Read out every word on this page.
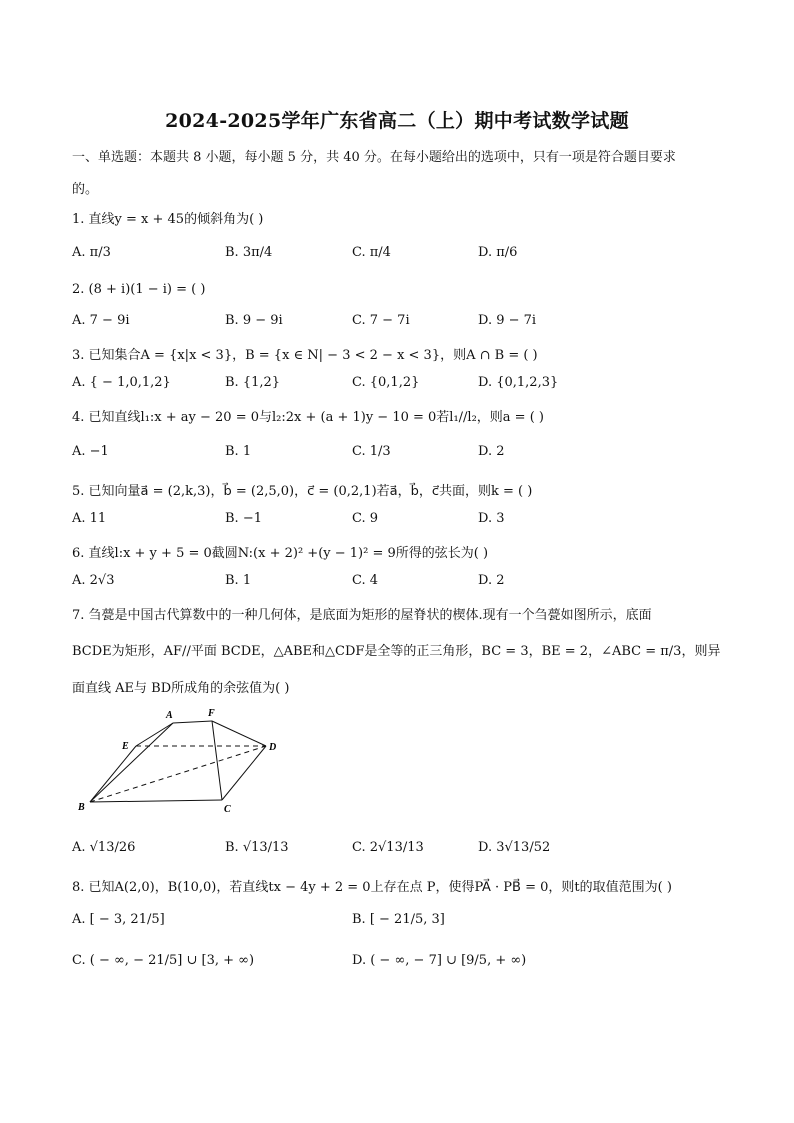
2024-2025学年广东省高二（上）期中考试数学试题
一、单选题：本题共 8 小题，每小题 5 分，共 40 分。在每小题给出的选项中，只有一项是符合题目要求
的。
1. 直线y = x + 45的倾斜角为( )
A. π/3	B. 3π/4	C. π/4	D. π/6
2. (8 + i)(1 − i) = ( )
A. 7 − 9i	B. 9 − 9i	C. 7 − 7i	D. 9 − 7i
3. 已知集合A = {x|x < 3}，B = {x ∈ N| − 3 < 2 − x < 3}，则A ∩ B = ( )
A. { − 1,0,1,2}	B. {1,2}	C. {0,1,2}	D. {0,1,2,3}
4. 已知直线l₁:x + ay − 20 = 0与l₂:2x + (a + 1)y − 10 = 0若l₁//l₂，则a = ( )
A. −1	B. 1	C. 1/3	D. 2
5. 已知向量a⃗ = (2,k,3)，b⃗ = (2,5,0)，c⃗ = (0,2,1)若a⃗，b⃗，c⃗共面，则k = ( )
A. 11	B. −1	C. 9	D. 3
6. 直线l:x + y + 5 = 0截圆N:(x + 2)² +(y − 1)² = 9所得的弦长为( )
A. 2√3	B. 1	C. 4	D. 2
7. 刍甍是中国古代算数中的一种几何体，是底面为矩形的屋脊状的楔体.现有一个刍甍如图所示，底面
BCDE为矩形，AF//平面 BCDE，△ABE和△CDF是全等的正三角形，BC = 3，BE = 2，∠ABC = π/3，则异
面直线 AE与 BD所成角的余弦值为( )
A	F
E	D
B	C
A. √13/26	B. √13/13	C. 2√13/13	D. 3√13/52
8. 已知A(2,0)，B(10,0)，若直线tx − 4y + 2 = 0上存在点 P，使得PA⃗ · PB⃗ = 0，则t的取值范围为( )
A. [ − 3, 21/5]	B. [ − 21/5, 3]
C. ( − ∞, − 21/5] ∪ [3, + ∞)	D. ( − ∞, − 7] ∪ [9/5, + ∞)
